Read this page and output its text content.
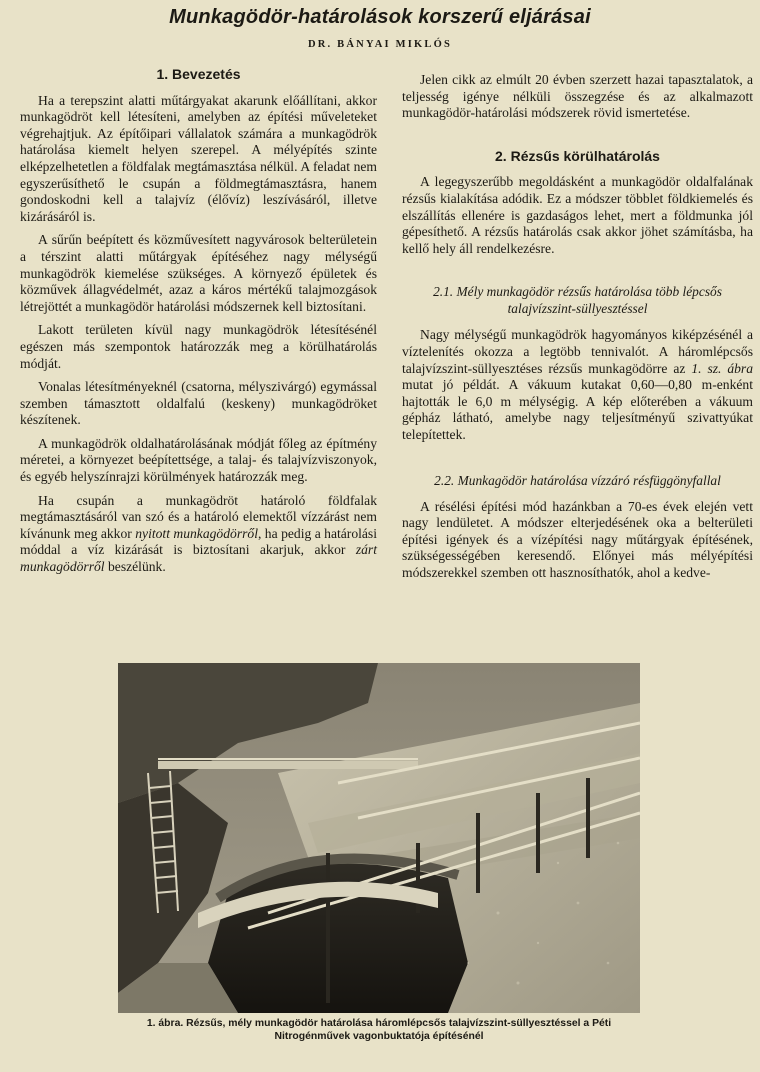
Munkagödör-határolások korszerű eljárásai
DR. BÁNYAI MIKLÓS
1. Bevezetés

Ha a terepszint alatti műtárgyakat akarunk előállítani, akkor munkagödröt kell létesíteni, amelyben az építési műveleteket végrehajtjuk. Az építőipari vállalatok számára a munkagödrök határolása kiemelt helyen szerepel. A mélyépítés szinte elképzelhetetlen a földfalak megtámasztása nélkül. A feladat nem egyszerűsíthető le csupán a földmegtámasztásra, hanem gondoskodni kell a talajvíz (élővíz) leszívásáról, illetve kizárásáról is.

A sűrűn beépített és közművesített nagyvárosok belterületein a térszint alatti műtárgyak építéséhez nagy mélységű munkagödrök kiemelése szükséges. A környező épületek és közművek állagvédelmét, azaz a káros mértékű talajmozgások létrejöttét a munkagödör határolási módszernek kell biztosítani.

Lakott területen kívül nagy munkagödrök létesítésénél egészen más szempontok határozzák meg a körülhatárolás módját.

Vonalas létesítményeknél (csatorna, mélyszivárgó) egymással szemben támasztott oldalfalú (keskeny) munkagödröket készítenek.

A munkagödrök oldalhatárolásának módját főleg az építmény méretei, a környezet beépítettsége, a talaj- és talajvízviszonyok, és egyéb helyszínrajzi körülmények határozzák meg.

Ha csupán a munkagödröt határoló földfalak megtámasztásáról van szó és a határoló elemektől vízzárást nem kívánunk meg akkor nyitott munkagödörről, ha pedig a határolási móddal a víz kizárását is biztosítani akarjuk, akkor zárt munkagödörről beszélünk.

Jelen cikk az elmúlt 20 évben szerzett hazai tapasztalatok, a teljesség igénye nélküli összegzése és az alkalmazott munkagödör-határolási módszerek rövid ismertetése.

2. Rézsűs körülhatárolás

A legegyszerűbb megoldásként a munkagödör oldalfalának rézsűs kialakítása adódik. Ez a módszer többlet földkiemelés és elszállítás ellenére is gazdaságos lehet, mert a földmunka jól gépesíthető. A rézsűs határolás csak akkor jöhet számításba, ha kellő hely áll rendelkezésre.

2.1. Mély munkagödör rézsűs határolása több lépcsős talajvízszint-süllyesztéssel

Nagy mélységű munkagödrök hagyományos kiképzésénél a víztelenítés okozza a legtöbb tennivalót. A háromlépcsős talajvízszint-süllyesztéses rézsűs munkagödörre az 1. sz. ábra mutat jó példát. A vákuum kutakat 0,60—0,80 m-enként hajtották le 6,0 m mélységig. A kép előterében a vákuum gépház látható, amelybe nagy teljesítményű szivattyúkat telepítettek.

2.2. Munkagödör határolása vízzáró résfüggönyfallal

A résélési építési mód hazánkban a 70-es évek elején vett nagy lendületet. A módszer elterjedésének oka a belterületi építési igények és a vízépítési nagy műtárgyak építésének, szükségességében keresendő. Előnyei más mélyépítési módszerekkel szemben ott hasznosíthatók, ahol a kedve-

1. ábra. Rézsűs, mély munkagödör határolása háromlépcsős talajvízszint-süllyesztéssel a Péti Nitrogénművek vagonbuktatója építésénél
